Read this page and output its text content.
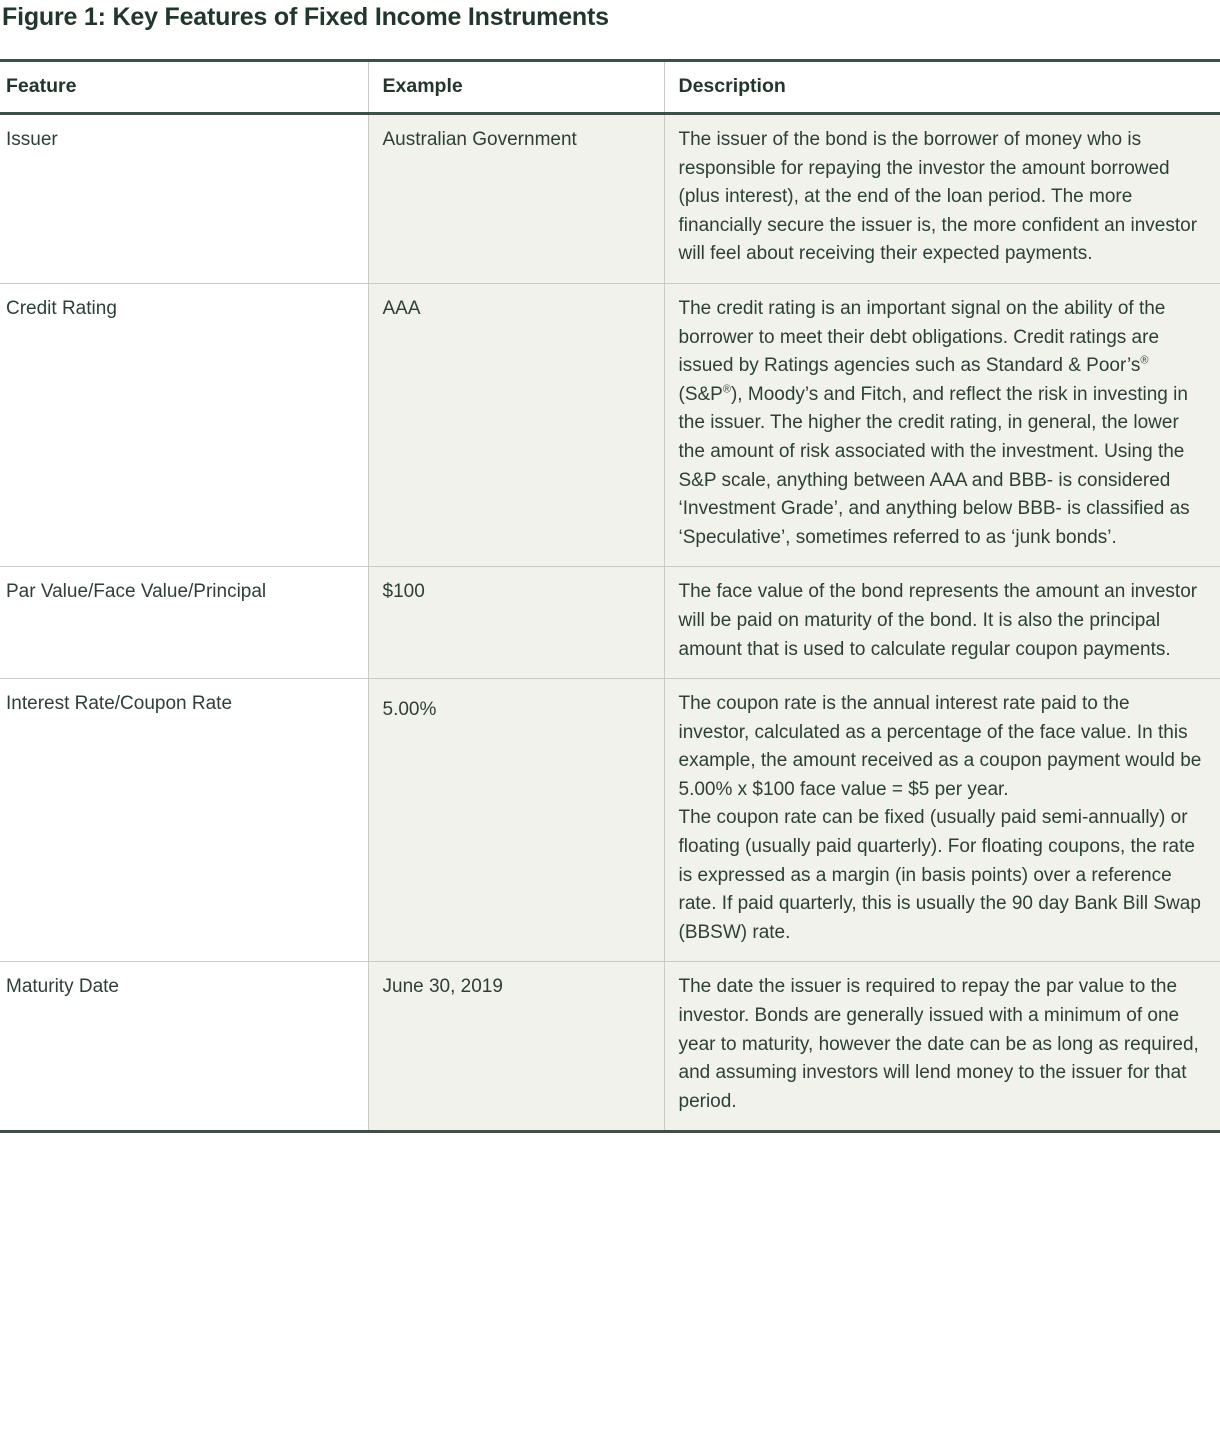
Figure 1: Key Features of Fixed Income Instruments
Feature	Example	Description
Issuer	Australian Government	The issuer of the bond is the borrower of money who is responsible for repaying the investor the amount borrowed (plus interest), at the end of the loan period. The more financially secure the issuer is, the more confident an investor will feel about receiving their expected payments.

Credit Rating	AAA	The credit rating is an important signal on the ability of the borrower to meet their debt obligations. Credit ratings are issued by Ratings agencies such as Standard & Poor’s® (S&P®), Moody’s and Fitch, and reflect the risk in investing in the issuer. The higher the credit rating, in general, the lower the amount of risk associated with the investment. Using the S&P scale, anything between AAA and BBB- is considered ‘Investment Grade’, and anything below BBB- is classified as ‘Speculative’, sometimes referred to as ‘junk bonds’.

Par Value/Face Value/Principal	$100	The face value of the bond represents the amount an investor will be paid on maturity of the bond. It is also the principal amount that is used to calculate regular coupon payments.

Interest Rate/Coupon Rate	5.00%	The coupon rate is the annual interest rate paid to the investor, calculated as a percentage of the face value. In this example, the amount received as a coupon payment would be 5.00% x $100 face value = $5 per year.

The coupon rate can be fixed (usually paid semi-annually) or floating (usually paid quarterly). For floating coupons, the rate is expressed as a margin (in basis points) over a reference rate. If paid quarterly, this is usually the 90 day Bank Bill Swap (BBSW) rate.

Maturity Date	June 30, 2019	The date the issuer is required to repay the par value to the investor. Bonds are generally issued with a minimum of one year to maturity, however the date can be as long as required, and assuming investors will lend money to the issuer for that period.
